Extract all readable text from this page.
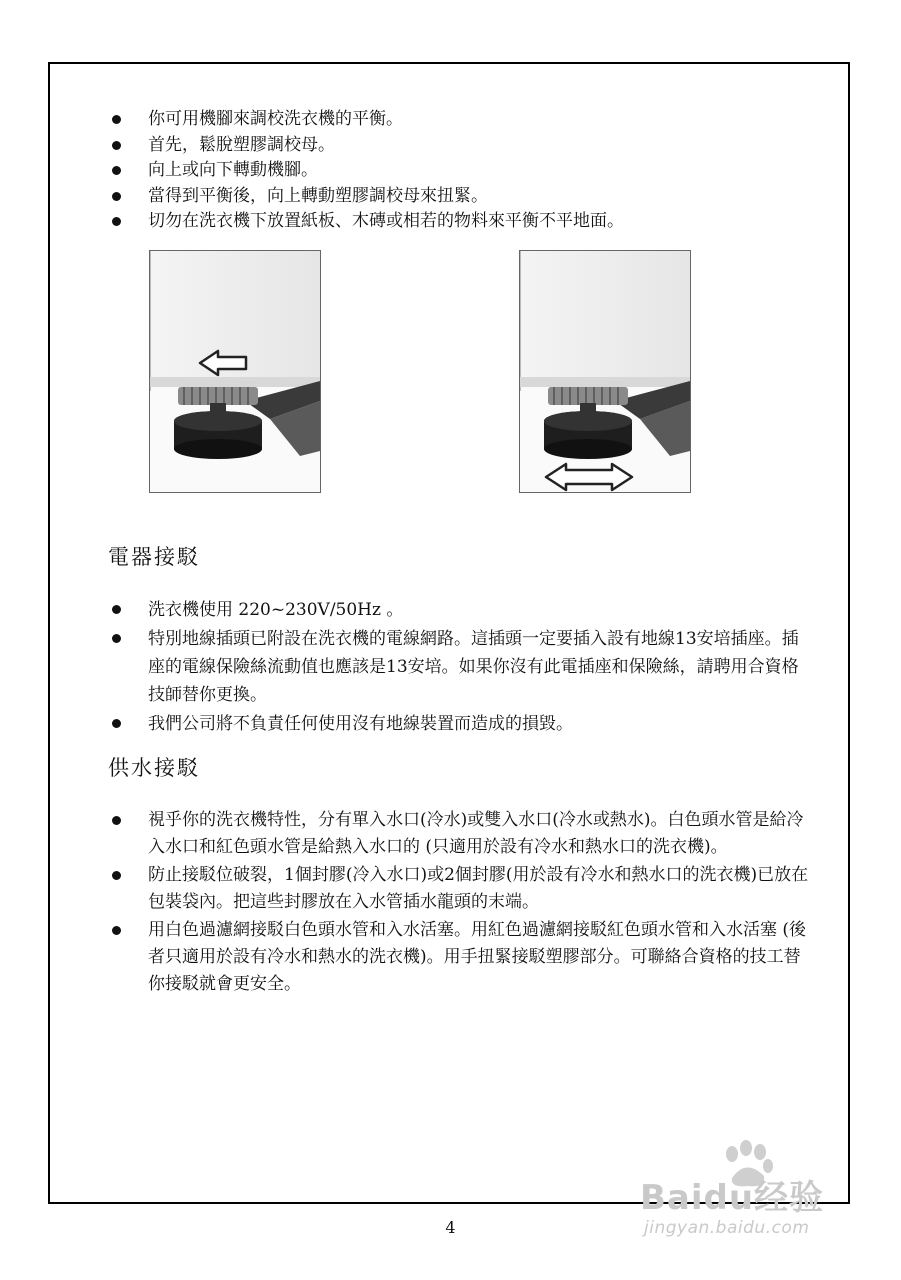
你可用機腳來調校洗衣機的平衡。
首先，鬆脫塑膠調校母。
向上或向下轉動機腳。
當得到平衡後，向上轉動塑膠調校母來扭緊。
切勿在洗衣機下放置紙板、木磚或相若的物料來平衡不平地面。
電器接駁
洗衣機使用 220~230V/50Hz 。
特別地線插頭已附設在洗衣機的電線網路。這插頭一定要插入設有地線13安培插座。插座的電線保險絲流動值也應該是13安培。如果你沒有此電插座和保險絲，請聘用合資格技師替你更換。
我們公司將不負責任何使用沒有地線裝置而造成的損毀。
供水接駁
視乎你的洗衣機特性，分有單入水口(冷水)或雙入水口(冷水或熱水)。白色頭水管是給冷入水口和紅色頭水管是給熱入水口的 (只適用於設有冷水和熱水口的洗衣機)。
防止接駁位破裂，1個封膠(冷入水口)或2個封膠(用於設有冷水和熱水口的洗衣機)已放在包裝袋內。把這些封膠放在入水管插水龍頭的末端。
用白色過濾網接駁白色頭水管和入水活塞。用紅色過濾網接駁紅色頭水管和入水活塞 (後者只適用於設有冷水和熱水的洗衣機)。用手扭緊接駁塑膠部分。可聯絡合資格的技工替你接駁就會更安全。
4
Baidu经验
jingyan.baidu.com
